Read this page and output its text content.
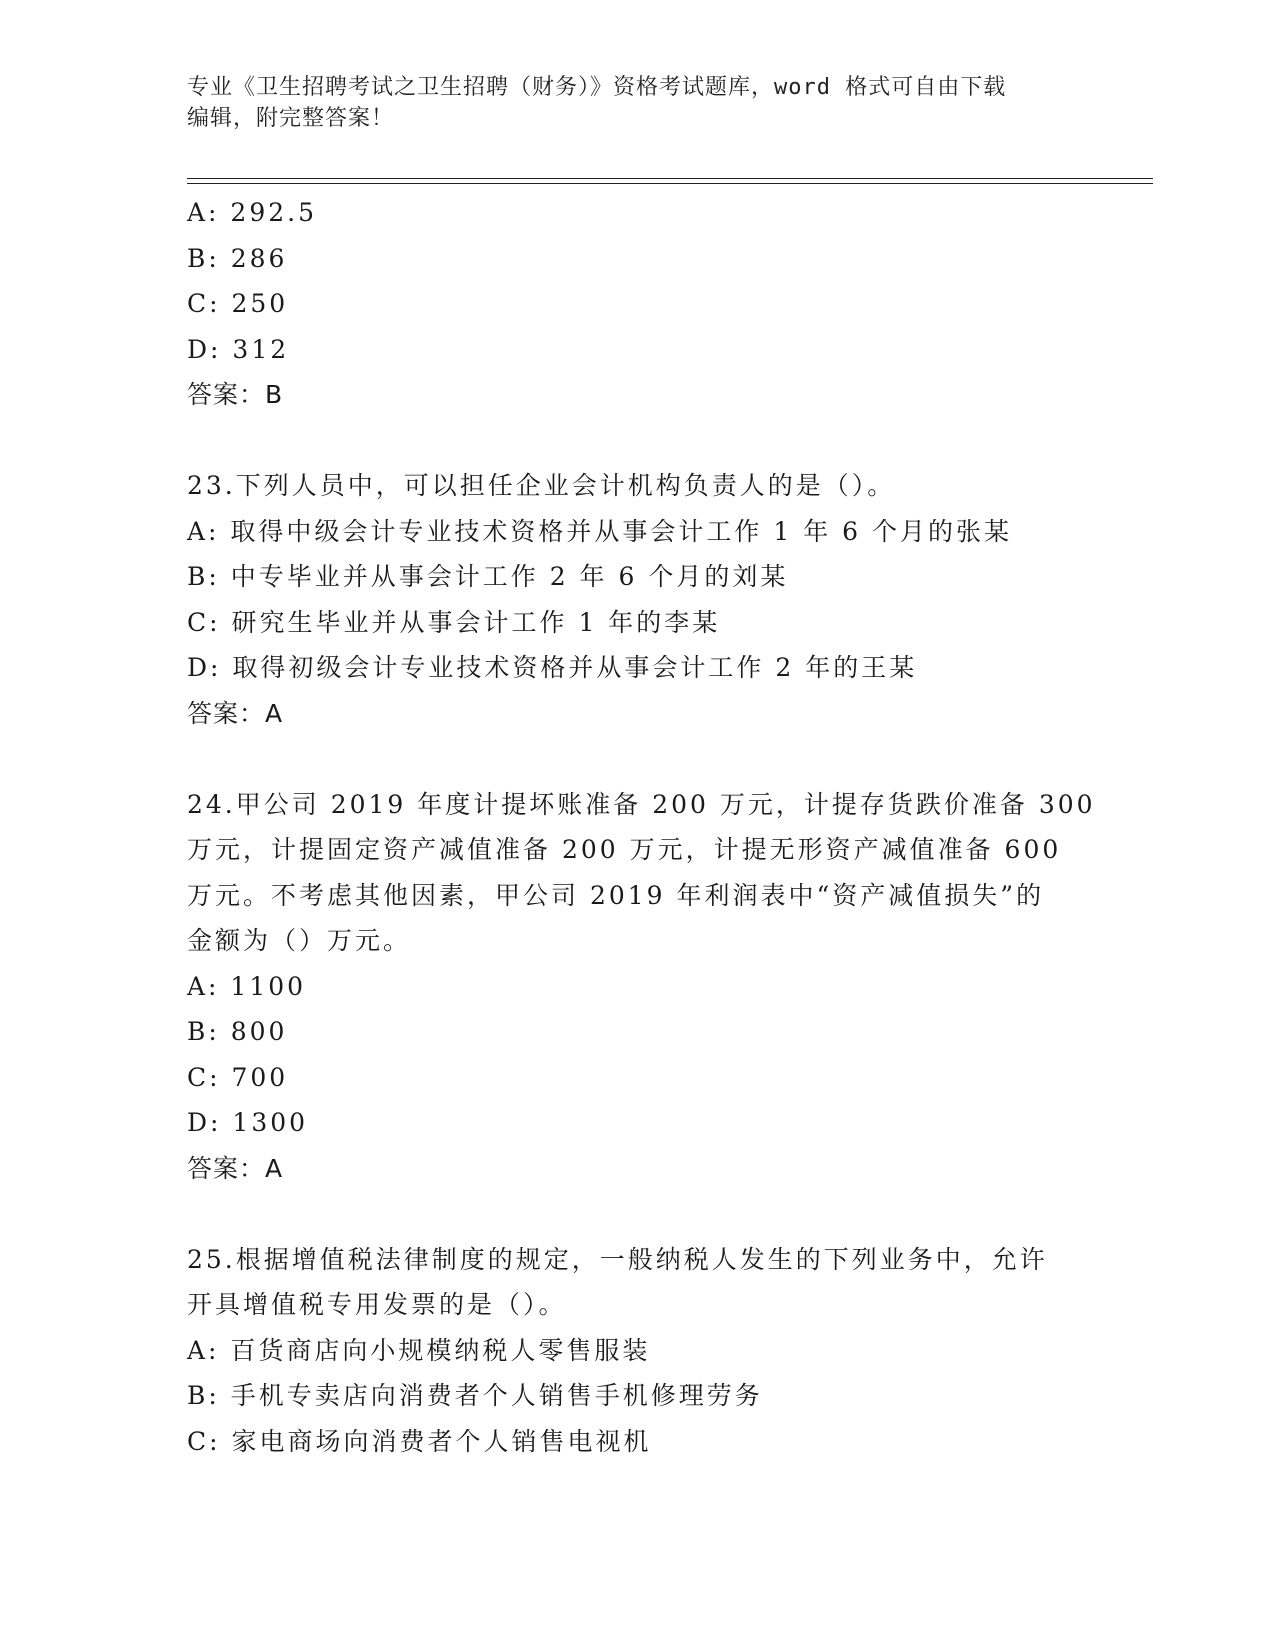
专业《卫生招聘考试之卫生招聘（财务）》资格考试题库，word 格式可自由下载
编辑，附完整答案！
A: 292.5
B: 286
C: 250
D: 312
答案：B
23.下列人员中，可以担任企业会计机构负责人的是（）。
A: 取得中级会计专业技术资格并从事会计工作 1 年 6 个月的张某
B: 中专毕业并从事会计工作 2 年 6 个月的刘某
C: 研究生毕业并从事会计工作 1 年的李某
D: 取得初级会计专业技术资格并从事会计工作 2 年的王某
答案：A
24.甲公司 2019 年度计提坏账准备 200 万元，计提存货跌价准备 300
万元，计提固定资产减值准备 200 万元，计提无形资产减值准备 600
万元。不考虑其他因素，甲公司 2019 年利润表中“资产减值损失”的
金额为（）万元。
A: 1100
B: 800
C: 700
D: 1300
答案：A
25.根据增值税法律制度的规定，一般纳税人发生的下列业务中，允许
开具增值税专用发票的是（）。
A: 百货商店向小规模纳税人零售服装
B: 手机专卖店向消费者个人销售手机修理劳务
C: 家电商场向消费者个人销售电视机
